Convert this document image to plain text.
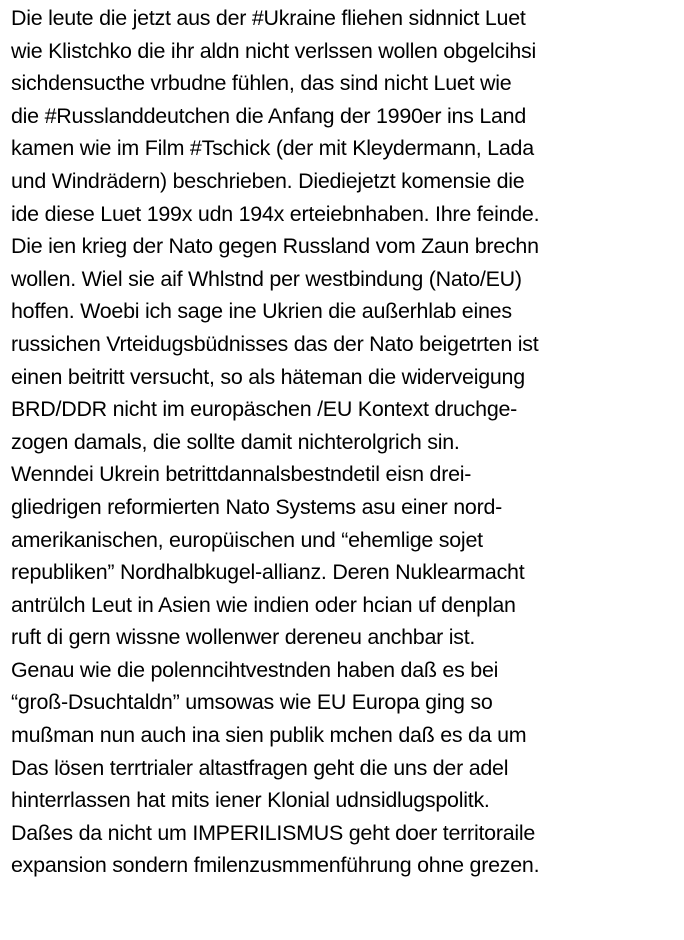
Die leute die jetzt aus der #Ukraine fliehen sidnnict Luet
wie Klistchko die ihr aldn nicht verlssen wollen obgelcihsi
sichdensucthe vrbudne fühlen, das sind nicht Luet wie
die #Russlanddeutchen die Anfang der 1990er ins Land
kamen wie im Film #Tschick (der mit Kleydermann, Lada
und Windrädern) beschrieben. Diediejetzt komensie die
ide diese Luet 199x udn 194x erteiebnhaben. Ihre feinde.
Die ien krieg der Nato gegen Russland vom Zaun brechn
wollen. Wiel sie aif Whlstnd per westbindung (Nato/EU)
hoffen. Woebi ich sage ine Ukrien die außerhlab eines
russichen Vrteidugsbüdnisses das der Nato beigetrten ist
einen beitritt versucht, so als häteman die widerveigung
BRD/DDR nicht im europäschen /EU Kontext druchge-
zogen damals, die sollte damit nichterolgrich sin.
Wenndei Ukrein betrittdannalsbestndetil eisn drei-
gliedrigen reformierten Nato Systems asu einer nord-
amerikanischen, europüischen und “ehemlige sojet
republiken” Nordhalbkugel-allianz. Deren Nuklearmacht
antrülch Leut in Asien wie indien oder hcian uf denplan
ruft di gern wissne wollenwer dereneu anchbar ist.
Genau wie die polenncihtvestnden haben daß es bei
“groß-Dsuchtaldn” umsowas wie EU Europa ging so
mußman nun auch ina sien publik mchen daß es da um
Das lösen terrtrialer altastfragen geht die uns der adel
hinterrlassen hat mits iener Klonial udnsidlugspolitk.
Daßes da nicht um IMPERILISMUS geht doer territoraile
expansion sondern fmilenzusmmenführung ohne grezen.
